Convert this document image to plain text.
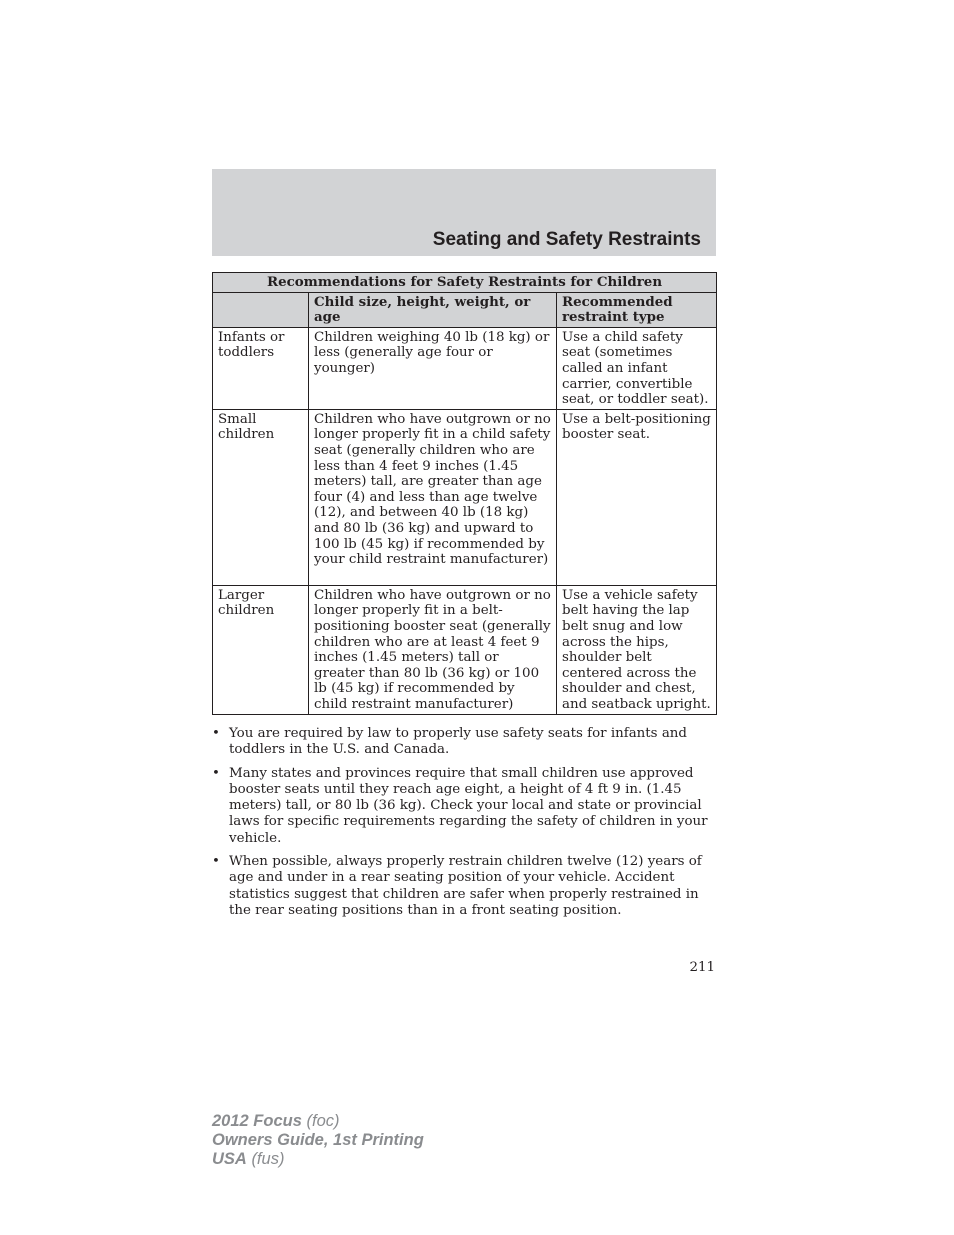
Seating and Safety Restraints
Recommendations for Safety Restraints for Children		
	Child size, height, weight, or age	Recommended restraint type
Infants or toddlers	Children weighing 40 lb (18 kg) or less (generally age four or younger)	Use a child safety seat (sometimes called an infant carrier, convertible seat, or toddler seat).
Small children	Children who have outgrown or no longer properly fit in a child safety seat (generally children who are less than 4 feet 9 inches (1.45 meters) tall, are greater than age four (4) and less than age twelve (12), and between 40 lb (18 kg) and 80 lb (36 kg) and upward to 100 lb (45 kg) if recommended by your child restraint manufacturer)	Use a belt-positioning booster seat.
Larger children	Children who have outgrown or no longer properly fit in a belt-positioning booster seat (generally children who are at least 4 feet 9 inches (1.45 meters) tall or greater than 80 lb (36 kg) or 100 lb (45 kg) if recommended by child restraint manufacturer)	Use a vehicle safety belt having the lap belt snug and low across the hips, shoulder belt centered across the shoulder and chest, and seatback upright.
• You are required by law to properly use safety seats for infants and toddlers in the U.S. and Canada.
• Many states and provinces require that small children use approved booster seats until they reach age eight, a height of 4 ft 9 in. (1.45 meters) tall, or 80 lb (36 kg). Check your local and state or provincial laws for specific requirements regarding the safety of children in your vehicle.
• When possible, always properly restrain children twelve (12) years of age and under in a rear seating position of your vehicle. Accident statistics suggest that children are safer when properly restrained in the rear seating positions than in a front seating position.
211
2012 Focus (foc)
Owners Guide, 1st Printing
USA (fus)
